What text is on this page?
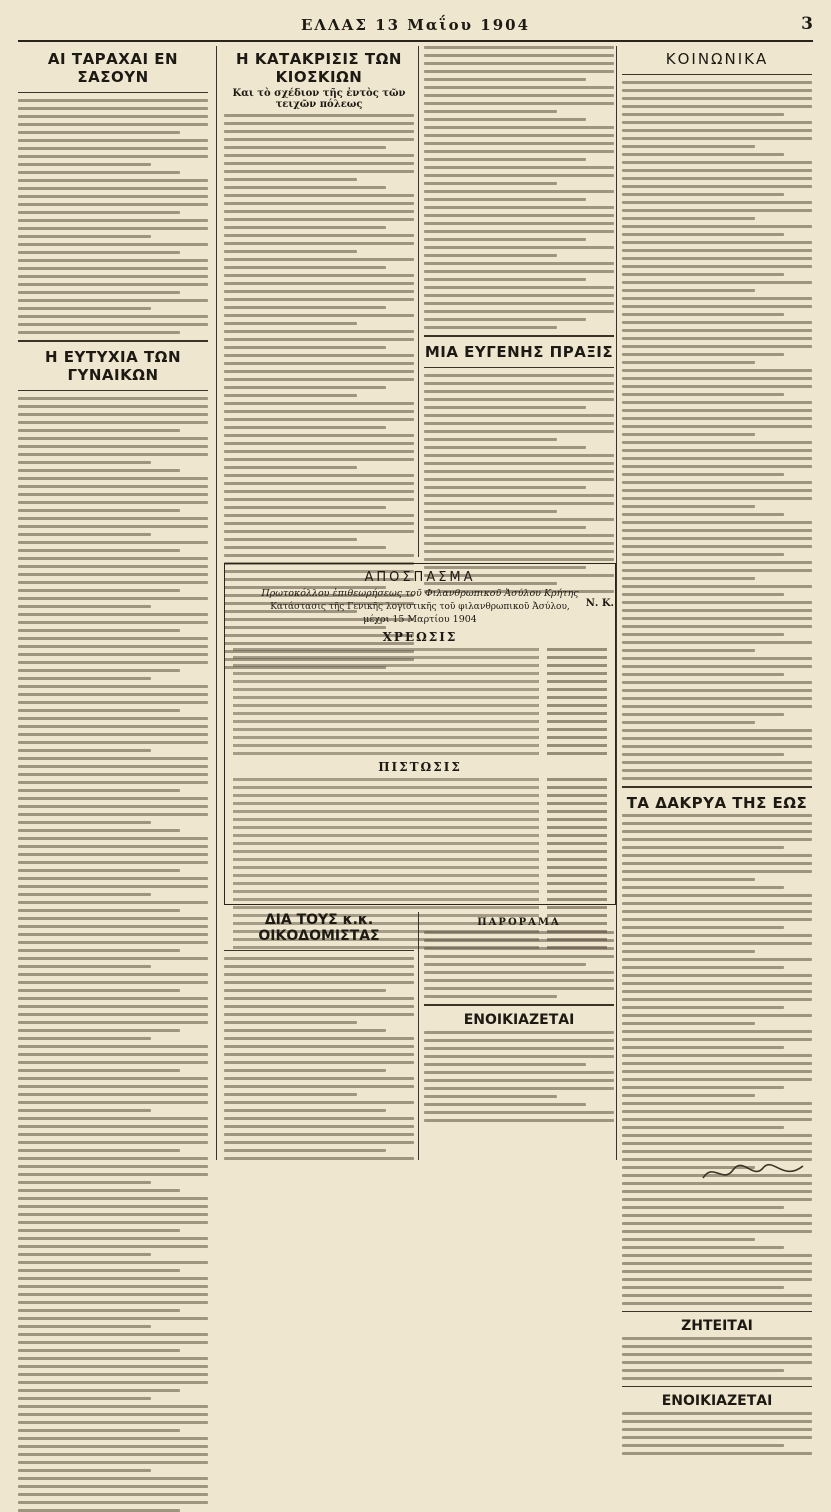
ΕΛΛΑΣ 13 Μαΐου 1904	3
ΑΙ ΤΑΡΑΧΑΙ ΕΝ ΣΑΣΟΥΝ
Η ΕΥΤΥΧΙΑ ΤΩΝ ΓΥΝΑΙΚΩΝ
Η ΚΑΤΑΚΡΙΣΙΣ ΤΩΝ ΚΙΟΣΚΙΩΝ
Και τὸ σχέδιον τῆς ἐντὸς τῶν τειχῶν πόλεως
ΜΙΑ ΕΥΓΕΝΗΣ ΠΡΑΞΙΣ
Ν. Κ.
ΚΟΙΝΩΝΙΚΑ
ΤΑ ΔΑΚΡΥΑ ΤΗΣ ΕΩΣ
ΖΗΤΕΙΤΑΙ
ΕΝΟΙΚΙΑΖΕΤΑΙ
ΑΠΟΣΠΑΣΜΑ
Πρωτοκόλλου ἐπιθεωρήσεως τοῦ Φιλανθρωπικοῦ Ἀσύλου Κρήτης
Κατάστασις τῆς Γενικῆς λογιστικῆς τοῦ φιλανθρωπικοῦ Ἀσύλου,
μέχρι 15 Μαρτίου 1904
ΧΡΕΩΣΙΣ
ΠΙΣΤΩΣΙΣ
ΔΙΑ ΤΟΥΣ κ.κ. ΟΙΚΟΔΟΜΙΣΤΑΣ
ΠΑΡΟΡΑΜΑ
ΕΝΟΙΚΙΑΖΕΤΑΙ
